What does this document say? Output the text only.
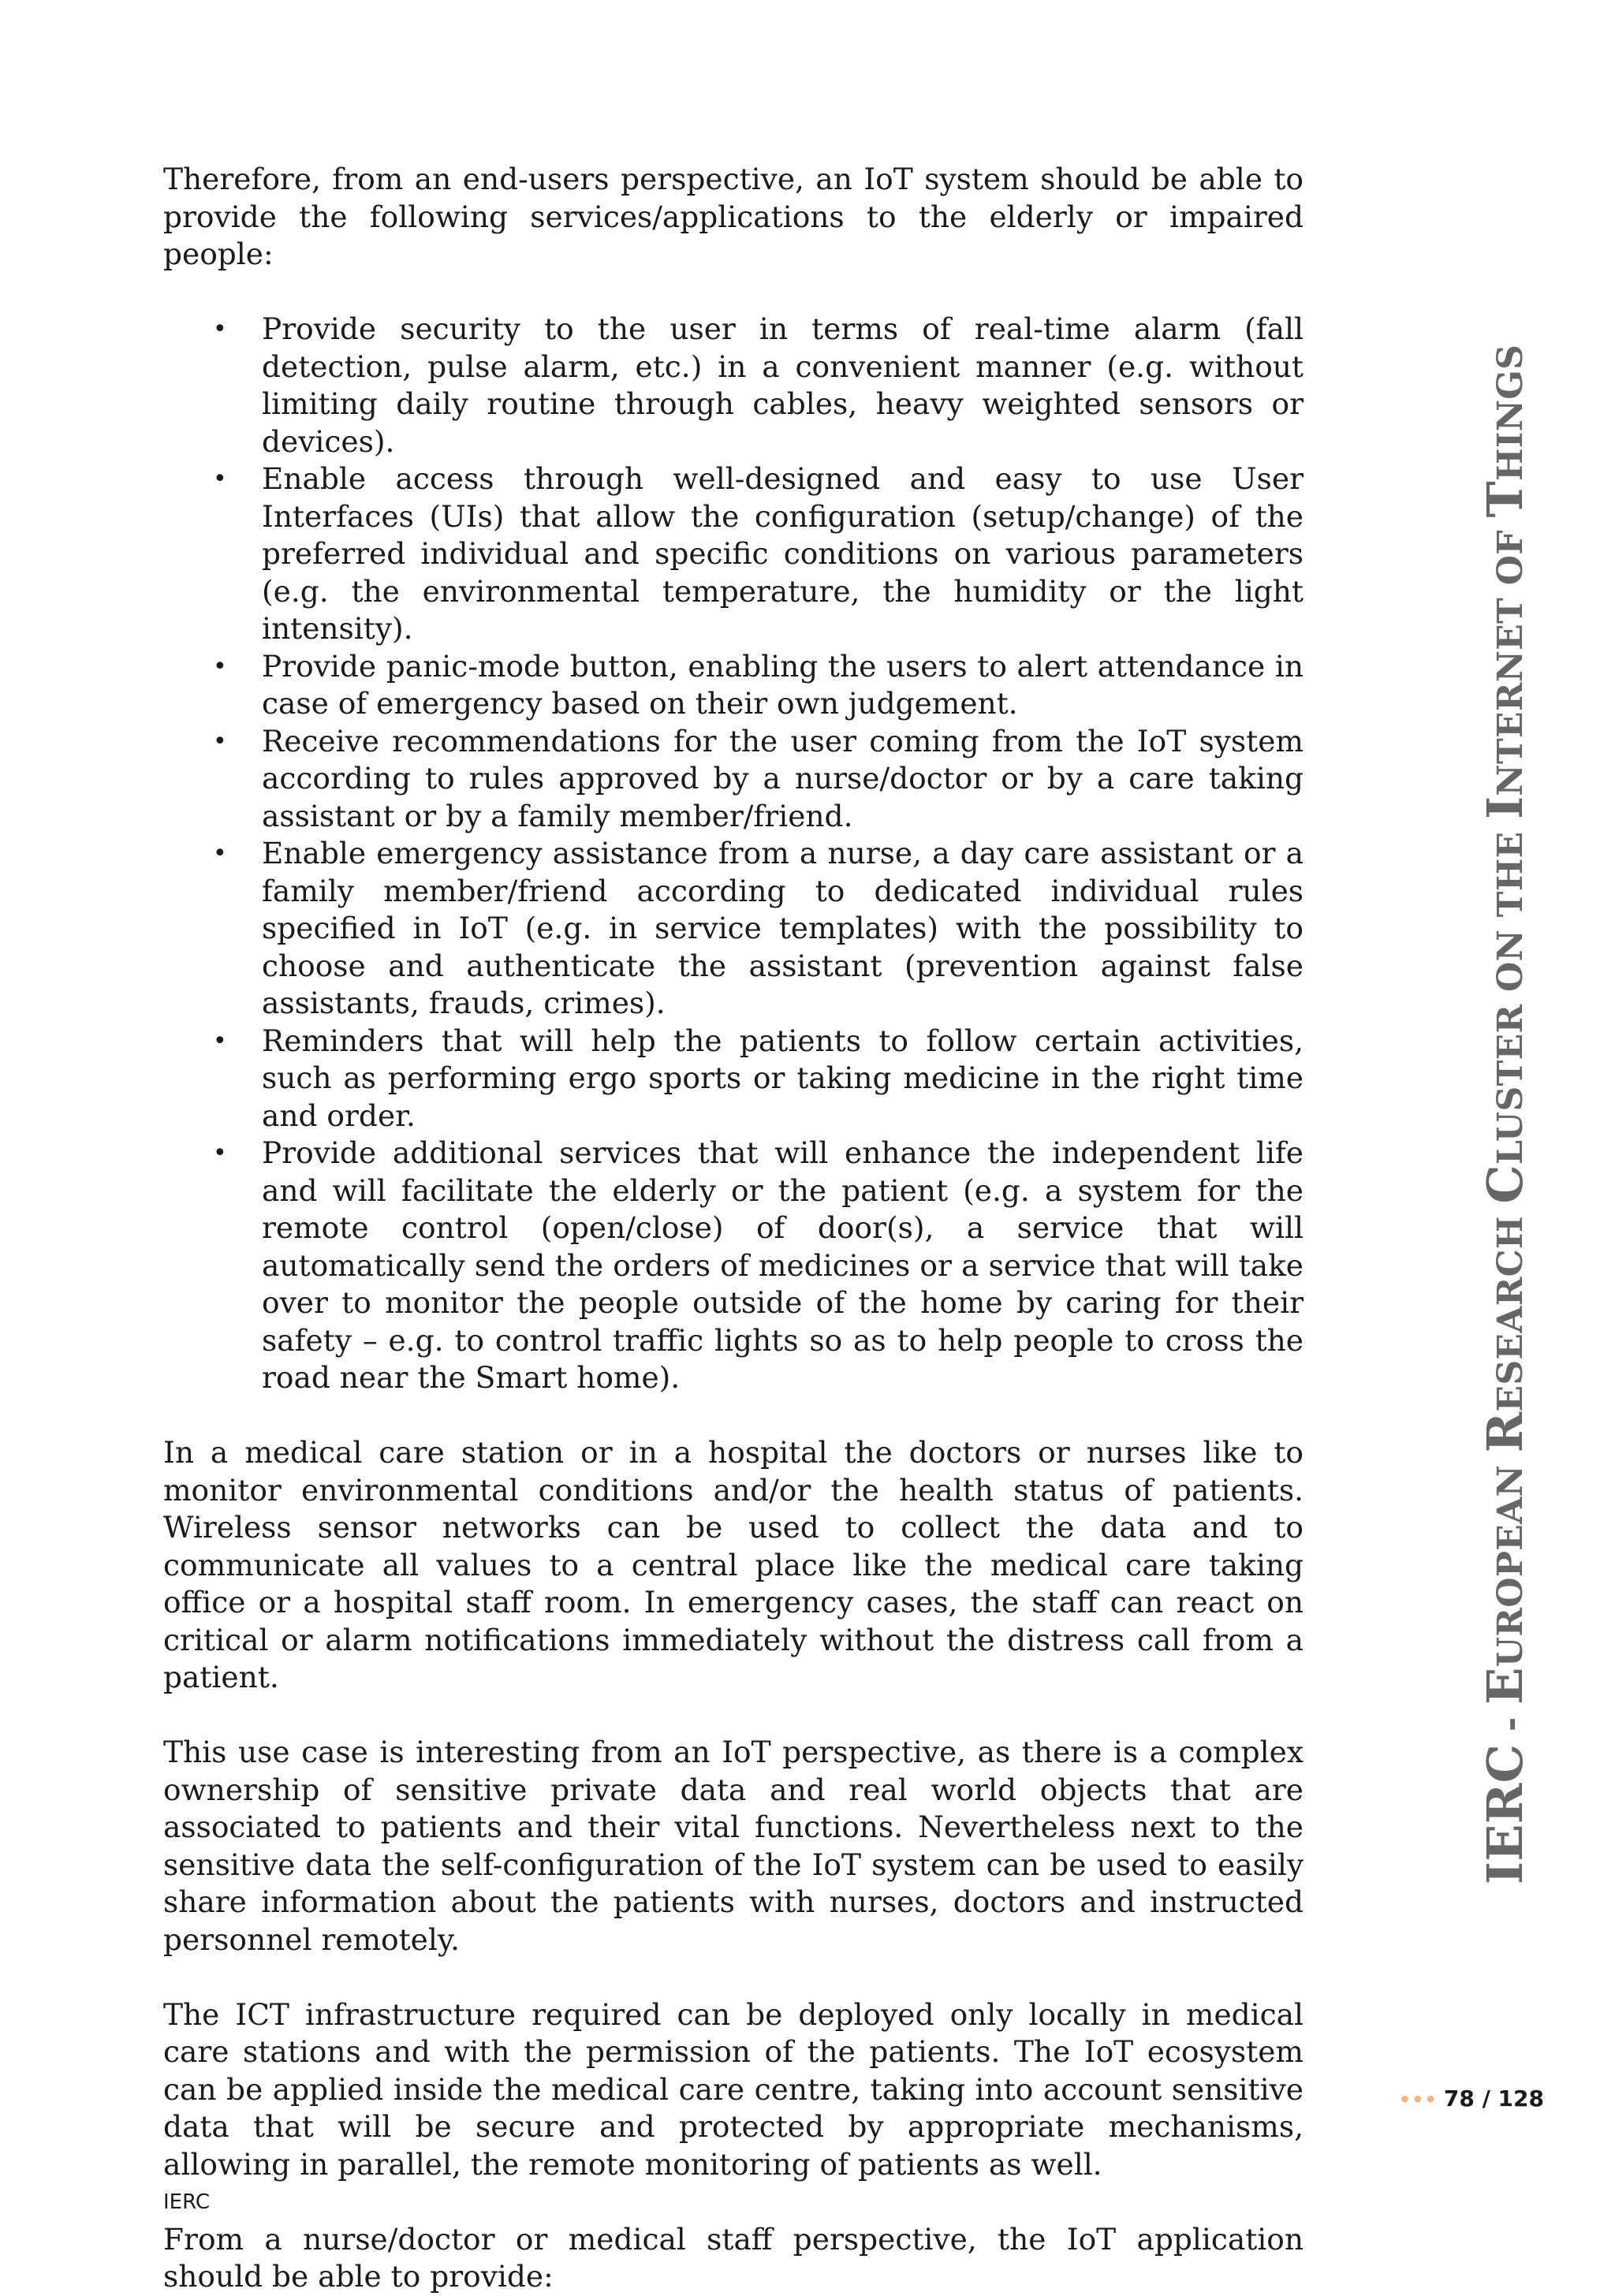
Therefore, from an end-users perspective, an IoT system should be able to provide the following services/applications to the elderly or impaired people:

• Provide security to the user in terms of real-time alarm (fall detection, pulse alarm, etc.) in a convenient manner (e.g. without limiting daily routine through cables, heavy weighted sensors or devices).
• Enable access through well-designed and easy to use User Interfaces (UIs) that allow the configuration (setup/change) of the preferred individual and specific conditions on various parameters (e.g. the environmental temperature, the humidity or the light intensity).
• Provide panic-mode button, enabling the users to alert attendance in case of emergency based on their own judgement.
• Receive recommendations for the user coming from the IoT system according to rules approved by a nurse/doctor or by a care taking assistant or by a family member/friend.
• Enable emergency assistance from a nurse, a day care assistant or a family member/friend according to dedicated individual rules specified in IoT (e.g. in service templates) with the possibility to choose and authenticate the assistant (prevention against false assistants, frauds, crimes).
• Reminders that will help the patients to follow certain activities, such as performing ergo sports or taking medicine in the right time and order.
• Provide additional services that will enhance the independent life and will facilitate the elderly or the patient (e.g. a system for the remote control (open/close) of door(s), a service that will automatically send the orders of medicines or a service that will take over to monitor the people outside of the home by caring for their safety – e.g. to control traffic lights so as to help people to cross the road near the Smart home).

In a medical care station or in a hospital the doctors or nurses like to monitor environmental conditions and/or the health status of patients. Wireless sensor networks can be used to collect the data and to communicate all values to a central place like the medical care taking office or a hospital staff room. In emergency cases, the staff can react on critical or alarm notifications immediately without the distress call from a patient.

This use case is interesting from an IoT perspective, as there is a complex ownership of sensitive private data and real world objects that are associated to patients and their vital functions. Nevertheless next to the sensitive data the self-configuration of the IoT system can be used to easily share information about the patients with nurses, doctors and instructed personnel remotely.

The ICT infrastructure required can be deployed only locally in medical care stations and with the permission of the patients. The IoT ecosystem can be applied inside the medical care centre, taking into account sensitive data that will be secure and protected by appropriate mechanisms, allowing in parallel, the remote monitoring of patients as well.

From a nurse/doctor or medical staff perspective, the IoT application should be able to provide:

IERC - EUROPEAN RESEARCH CLUSTER ON THE INTERNET OF THINGS
••• 78 / 128
IERC
